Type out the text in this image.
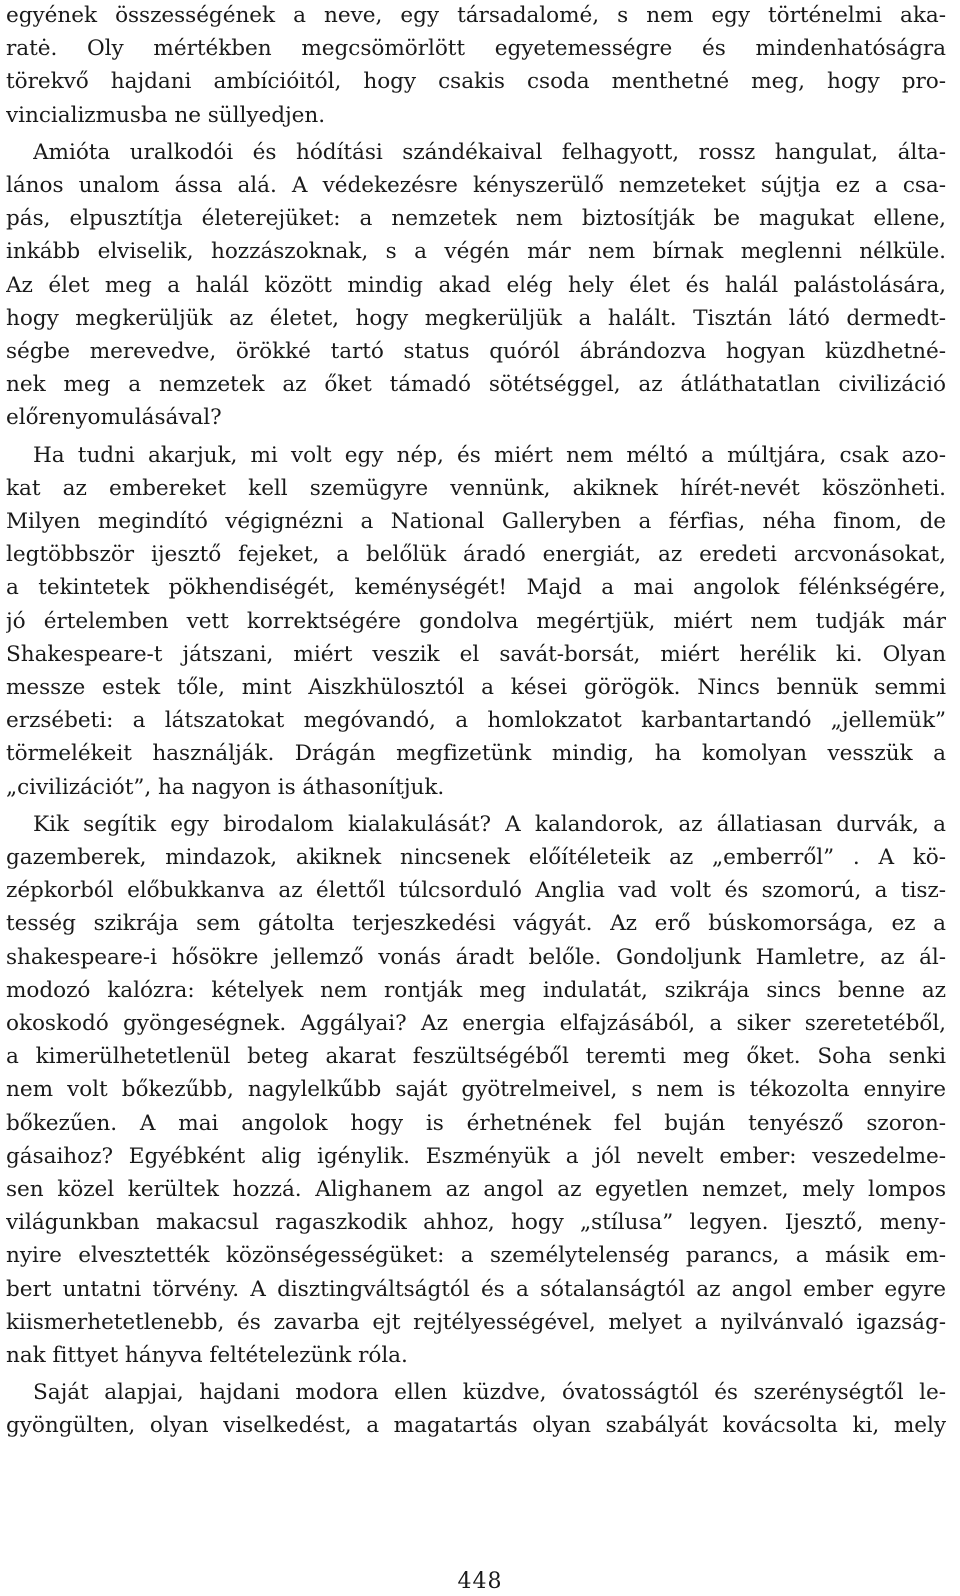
egyének összességének a neve, egy társadalomé, s nem egy történelmi aka-
ratė. Oly mértékben megcsömörlött egyetemességre és mindenhatóságra
törekvő hajdani ambícióitól, hogy csakis csoda menthetné meg, hogy pro-
vincializmusba ne süllyedjen.
Amióta uralkodói és hódítási szándékaival felhagyott, rossz hangulat, álta-
lános unalom ássa alá. A védekezésre kényszerülő nemzeteket sújtja ez a csa-
pás, elpusztítja életerejüket: a nemzetek nem biztosítják be magukat ellene,
inkább elviselik, hozzászoknak, s a végén már nem bírnak meglenni nélküle.
Az élet meg a halál között mindig akad elég hely élet és halál palástolására,
hogy megkerüljük az életet, hogy megkerüljük a halált. Tisztán látó dermedt-
ségbe merevedve, örökké tartó status quóról ábrándozva hogyan küzdhetné-
nek meg a nemzetek az őket támadó sötétséggel, az átláthatatlan civilizáció
előrenyomulásával?
Ha tudni akarjuk, mi volt egy nép, és miért nem méltó a múltjára, csak azo-
kat az embereket kell szemügyre vennünk, akiknek hírét-nevét köszönheti.
Milyen megindító végignézni a National Galleryben a férfias, néha finom, de
legtöbbször ijesztő fejeket, a belőlük áradó energiát, az eredeti arcvonásokat,
a tekintetek pökhendiségét, keménységét! Majd a mai angolok félénkségére,
jó értelemben vett korrektségére gondolva megértjük, miért nem tudják már
Shakespeare-t játszani, miért veszik el savát-borsát, miért herélik ki. Olyan
messze estek tőle, mint Aiszkhülosztól a kései görögök. Nincs bennük semmi
erzsébeti: a látszatokat megóvandó, a homlokzatot karbantartandó „jellemük”
törmelékeit használják. Drágán megfizetünk mindig, ha komolyan vesszük a
„civilizációt”, ha nagyon is áthasonítjuk.
Kik segítik egy birodalom kialakulását? A kalandorok, az állatiasan durvák, a
gazemberek, mindazok, akiknek nincsenek előítéleteik az „emberről” . A kö-
zépkorból előbukkanva az élettől túlcsorduló Anglia vad volt és szomorú, a tisz-
tesség szikrája sem gátolta terjeszkedési vágyát. Az erő búskomorsága, ez a
shakespeare-i hősökre jellemző vonás áradt belőle. Gondoljunk Hamletre, az ál-
modozó kalózra: kételyek nem rontják meg indulatát, szikrája sincs benne az
okoskodó gyöngeségnek. Aggályai? Az energia elfajzásából, a siker szeretetéből,
a kimerülhetetlenül beteg akarat feszültségéből teremti meg őket. Soha senki
nem volt bőkezűbb, nagylelkűbb saját gyötrelmeivel, s nem is tékozolta ennyire
bőkezűen. A mai angolok hogy is érhetnének fel buján tenyésző szoron-
gásaihoz? Egyébként alig igénylik. Eszményük a jól nevelt ember: veszedelme-
sen közel kerültek hozzá. Alighanem az angol az egyetlen nemzet, mely lompos
világunkban makacsul ragaszkodik ahhoz, hogy „stílusa” legyen. Ijesztő, meny-
nyire elvesztették közönségességüket: a személytelenség parancs, a másik em-
bert untatni törvény. A disztingváltságtól és a sótalanságtól az angol ember egyre
kiismerhetetlenebb, és zavarba ejt rejtélyességével, melyet a nyilvánvaló igazság-
nak fittyet hányva feltételezünk róla.
Saját alapjai, hajdani modora ellen küzdve, óvatosságtól és szerénységtől le-
gyöngülten, olyan viselkedést, a magatartás olyan szabályát kovácsolta ki, mely
448
